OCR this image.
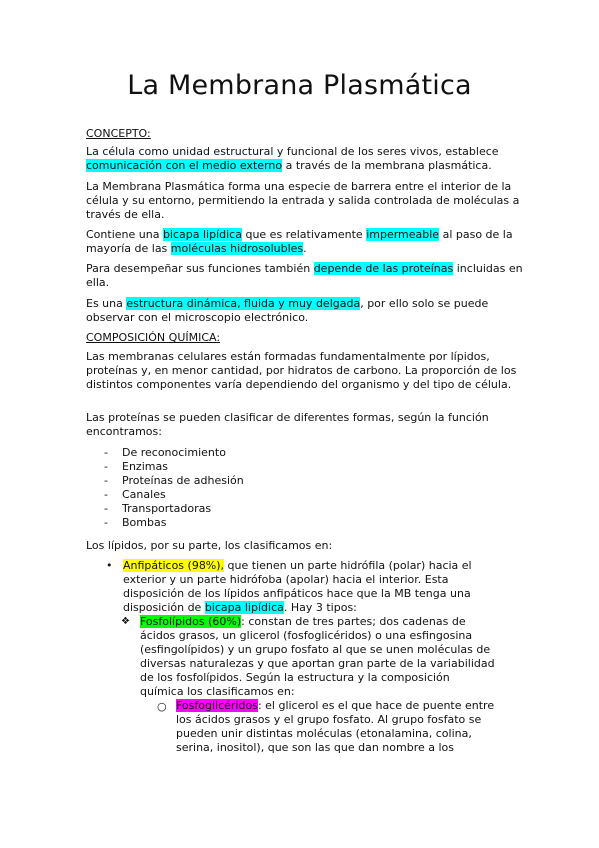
La Membrana Plasmática

CONCEPTO:

La célula como unidad estructural y funcional de los seres vivos, establece comunicación con el medio externo a través de la membrana plasmática.

La Membrana Plasmática forma una especie de barrera entre el interior de la célula y su entorno, permitiendo la entrada y salida controlada de moléculas a través de ella.

Contiene una bicapa lipídica que es relativamente impermeable al paso de la mayoría de las moléculas hidrosolubles.

Para desempeñar sus funciones también depende de las proteínas incluidas en ella.

Es una estructura dinámica, fluida y muy delgada, por ello solo se puede observar con el microscopio electrónico.

COMPOSICIÓN QUÍMICA:

Las membranas celulares están formadas fundamentalmente por lípidos, proteínas y, en menor cantidad, por hidratos de carbono. La proporción de los distintos componentes varía dependiendo del organismo y del tipo de célula.

Las proteínas se pueden clasificar de diferentes formas, según la función encontramos:

- De reconocimiento
- Enzimas
- Proteínas de adhesión
- Canales
- Transportadoras
- Bombas

Los lípidos, por su parte, los clasificamos en:

• Anfipáticos (98%), que tienen un parte hidrófila (polar) hacia el exterior y un parte hidrófoba (apolar) hacia el interior. Esta disposición de los lípidos anfipáticos hace que la MB tenga una disposición de bicapa lipídica. Hay 3 tipos:

❖ Fosfolípidos (60%): constan de tres partes; dos cadenas de ácidos grasos, un glicerol (fosfoglicéridos) o una esfingosina (esfingolípidos) y un grupo fosfato al que se unen moléculas de diversas naturalezas y que aportan gran parte de la variabilidad de los fosfolípidos. Según la estructura y la composición química los clasificamos en:

○ Fosfoglicéridos: el glicerol es el que hace de puente entre los ácidos grasos y el grupo fosfato. Al grupo fosfato se pueden unir distintas moléculas (etonalamina, colina, serina, inositol), que son las que dan nombre a los
